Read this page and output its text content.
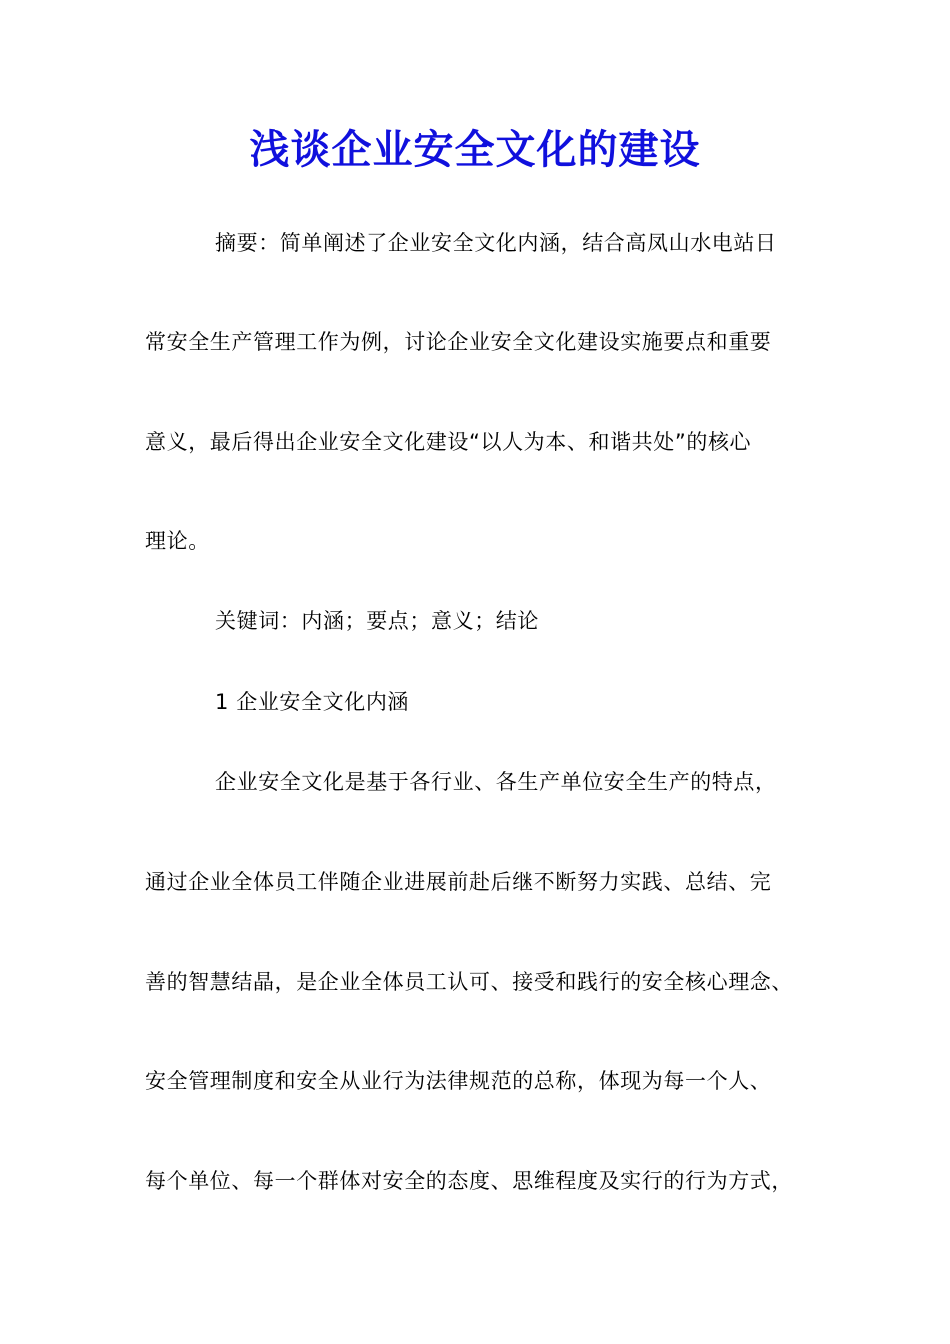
浅谈企业安全文化的建设
摘要：简单阐述了企业安全文化内涵，结合高凤山水电站日
常安全生产管理工作为例，讨论企业安全文化建设实施要点和重要
意义，最后得出企业安全文化建设“以人为本、和谐共处”的核心
理论。
关键词：内涵；要点；意义；结论
1 企业安全文化内涵
企业安全文化是基于各行业、各生产单位安全生产的特点，
通过企业全体员工伴随企业进展前赴后继不断努力实践、总结、完
善的智慧结晶，是企业全体员工认可、接受和践行的安全核心理念、
安全管理制度和安全从业行为法律规范的总称，体现为每一个人、
每个单位、每一个群体对安全的态度、思维程度及实行的行为方式，
